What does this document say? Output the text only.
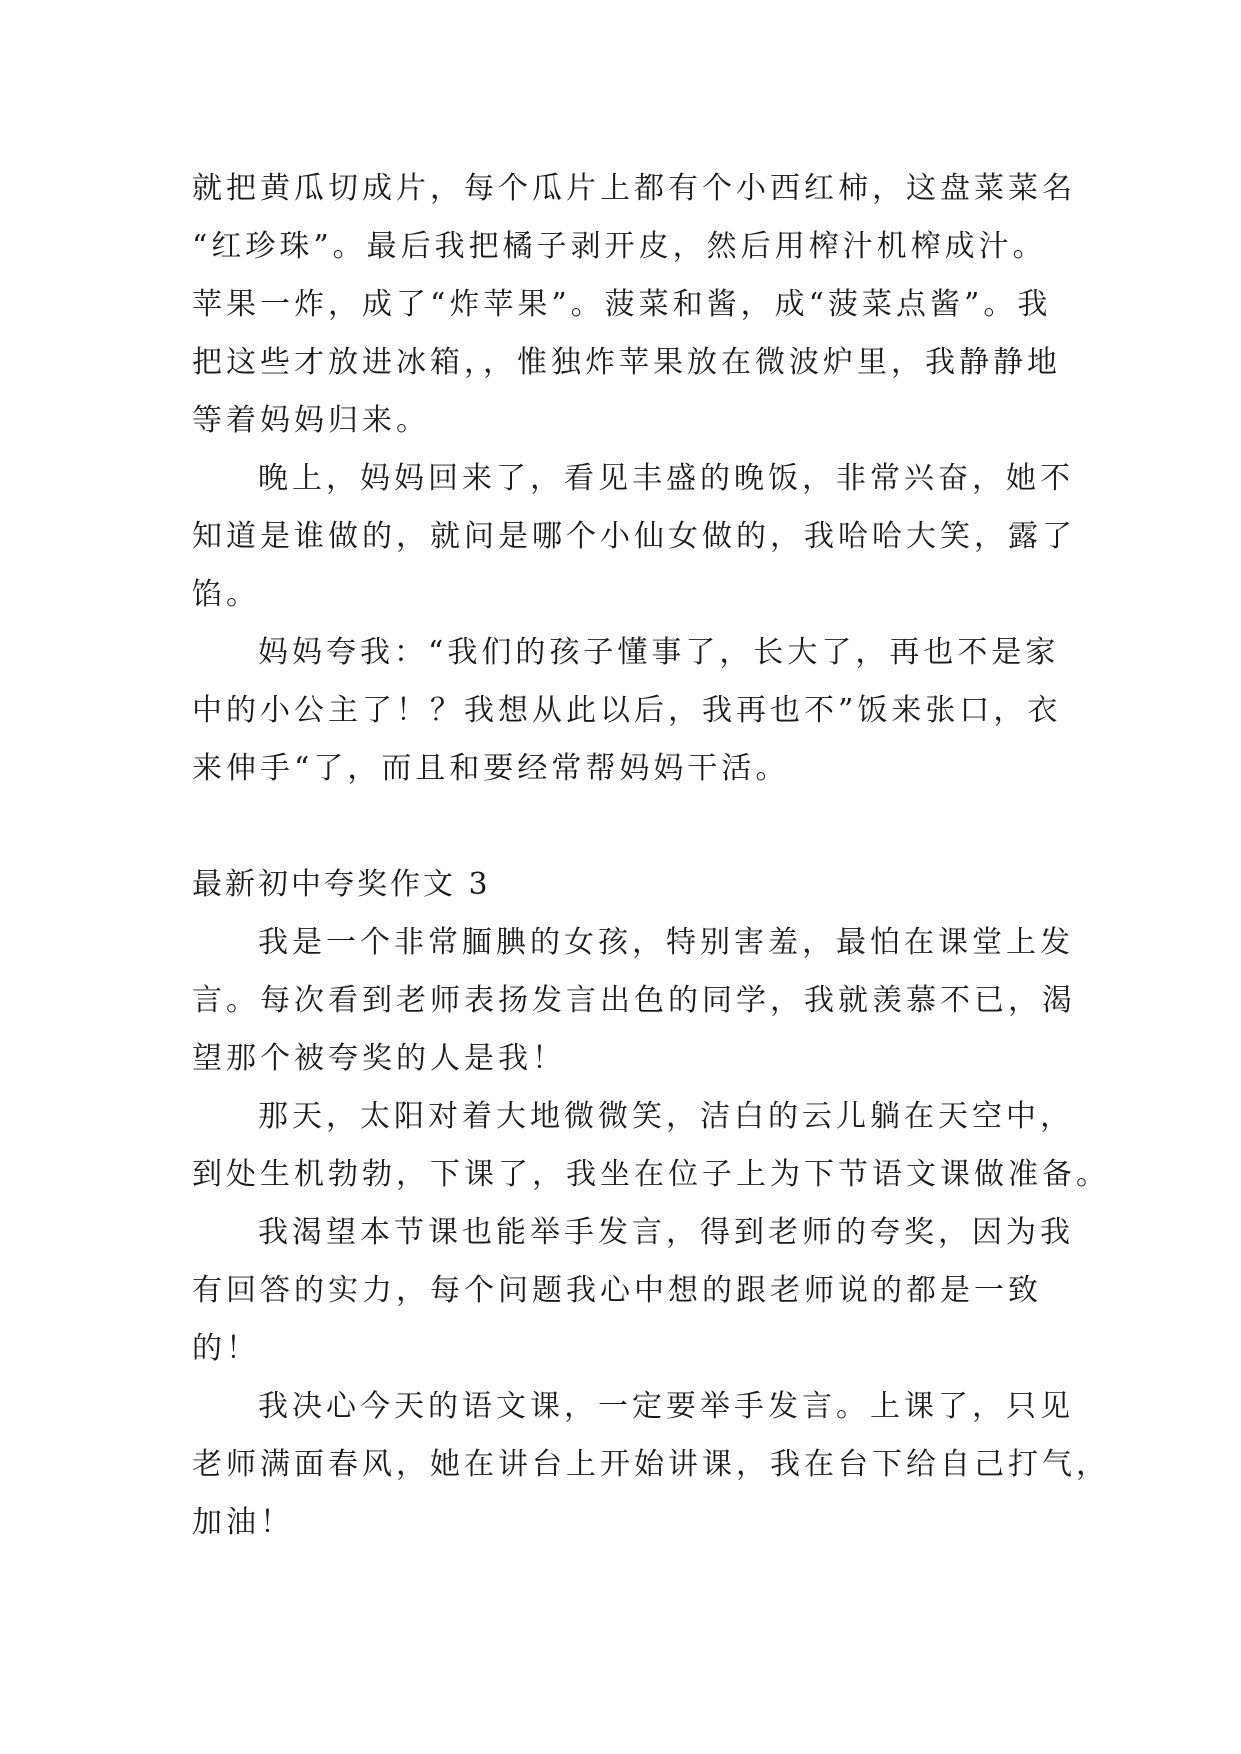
就把黄瓜切成片，每个瓜片上都有个小西红柿，这盘菜菜名

“红珍珠”。最后我把橘子剥开皮，然后用榨汁机榨成汁。

苹果一炸，成了“炸苹果”。菠菜和酱，成“菠菜点酱”。我

把这些才放进冰箱，，惟独炸苹果放在微波炉里，我静静地

等着妈妈归来。

晚上，妈妈回来了，看见丰盛的晚饭，非常兴奋，她不

知道是谁做的，就问是哪个小仙女做的，我哈哈大笑，露了

馅。

妈妈夸我：“我们的孩子懂事了，长大了，再也不是家

中的小公主了！？我想从此以后，我再也不”饭来张口，衣

来伸手“了，而且和要经常帮妈妈干活。

最新初中夸奖作文 3

我是一个非常腼腆的女孩，特别害羞，最怕在课堂上发

言。每次看到老师表扬发言出色的同学，我就羡慕不已，渴

望那个被夸奖的人是我！

那天，太阳对着大地微微笑，洁白的云儿躺在天空中，

到处生机勃勃，下课了，我坐在位子上为下节语文课做准备。

我渴望本节课也能举手发言，得到老师的夸奖，因为我

有回答的实力，每个问题我心中想的跟老师说的都是一致

的！

我决心今天的语文课，一定要举手发言。上课了，只见

老师满面春风，她在讲台上开始讲课，我在台下给自己打气，

加油！
